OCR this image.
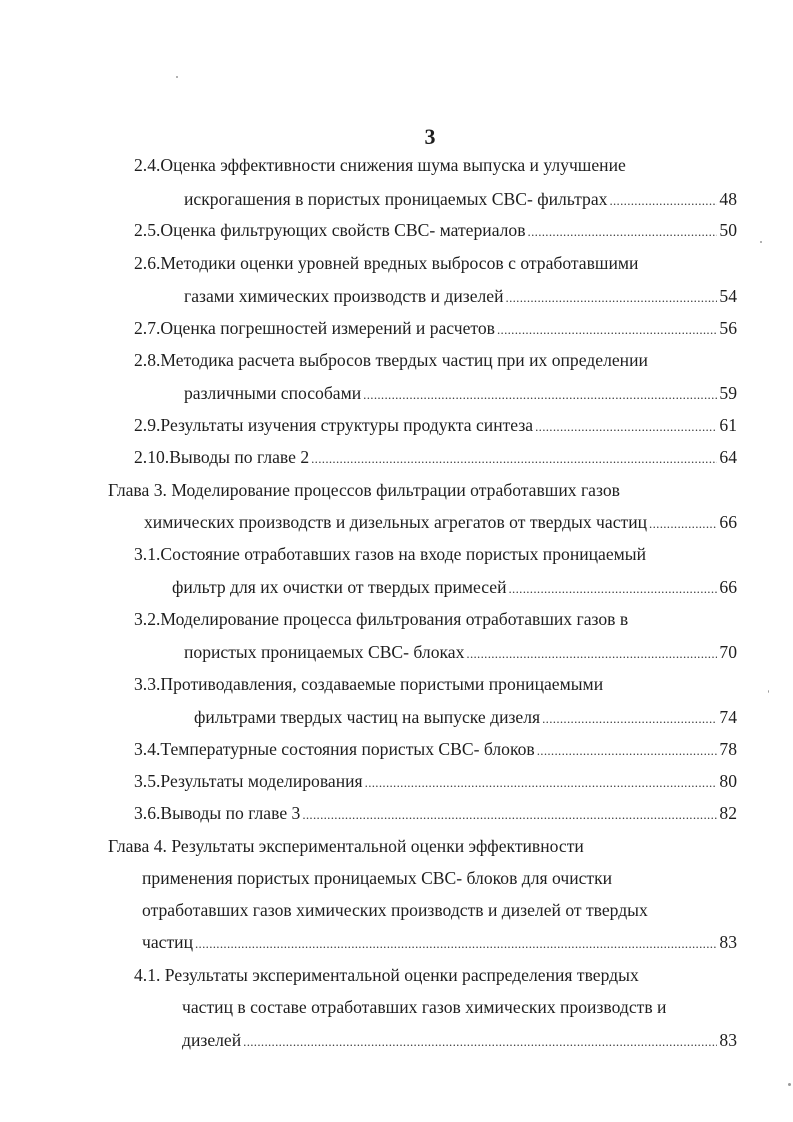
3
2.4.Оценка эффективности снижения шума выпуска и улучшение
искрогашения в пористых проницаемых СВС- фильтрах .....	48
2.5.Оценка фильтрующих свойств СВС- материалов .....	50
2.6.Методики оценки уровней вредных выбросов с отработавшими
газами химических производств и дизелей .....	54
2.7.Оценка погрешностей измерений и расчетов .....	56
2.8.Методика расчета выбросов твердых частиц при их определении
различными способами .....	59
2.9.Результаты изучения структуры продукта синтеза .....	61
2.10.Выводы по главе 2 .....	64
Глава 3. Моделирование процессов фильтрации отработавших газов
химических производств и дизельных агрегатов от твердых частиц .....	66
3.1.Состояние отработавших газов на входе пористых проницаемый
фильтр для их очистки от твердых примесей .....	66
3.2.Моделирование процесса фильтрования отработавших газов в
пористых проницаемых СВС- блоках .....	70
3.3.Противодавления, создаваемые пористыми проницаемыми
фильтрами твердых частиц на выпуске дизеля .....	74
3.4.Температурные состояния пористых СВС- блоков .....	78
3.5.Результаты моделирования .....	80
3.6.Выводы по главе 3 .....	82
Глава 4. Результаты экспериментальной оценки эффективности
применения пористых проницаемых СВС- блоков для очистки
отработавших газов химических производств и дизелей от твердых
частиц .....	83
4.1. Результаты экспериментальной оценки распределения твердых
частиц в составе отработавших газов химических производств и
дизелей .....	83
